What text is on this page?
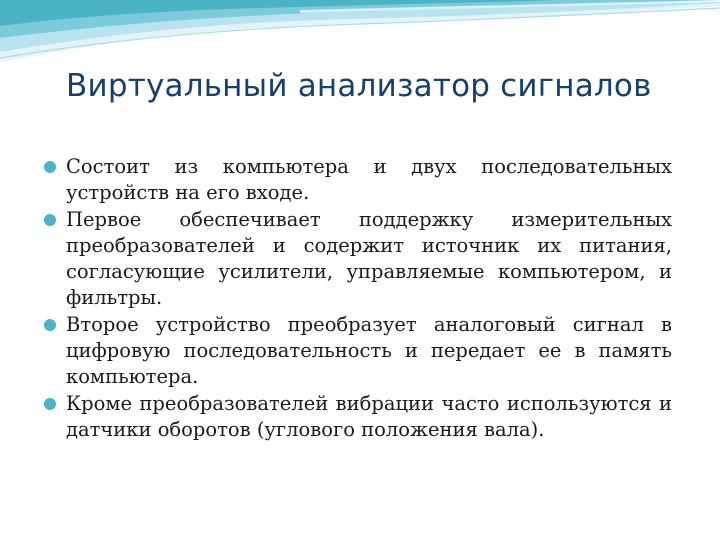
Виртуальный анализатор сигналов
Состоит из компьютера и двух последовательных устройств на его входе.
Первое обеспечивает поддержку измерительных преобразователей и содержит источник их питания, согласующие усилители, управляемые компьютером, и фильтры.
Второе устройство преобразует аналоговый сигнал в цифровую последовательность и передает ее в память компьютера.
Кроме преобразователей вибрации часто используются и датчики оборотов (углового положения вала).
